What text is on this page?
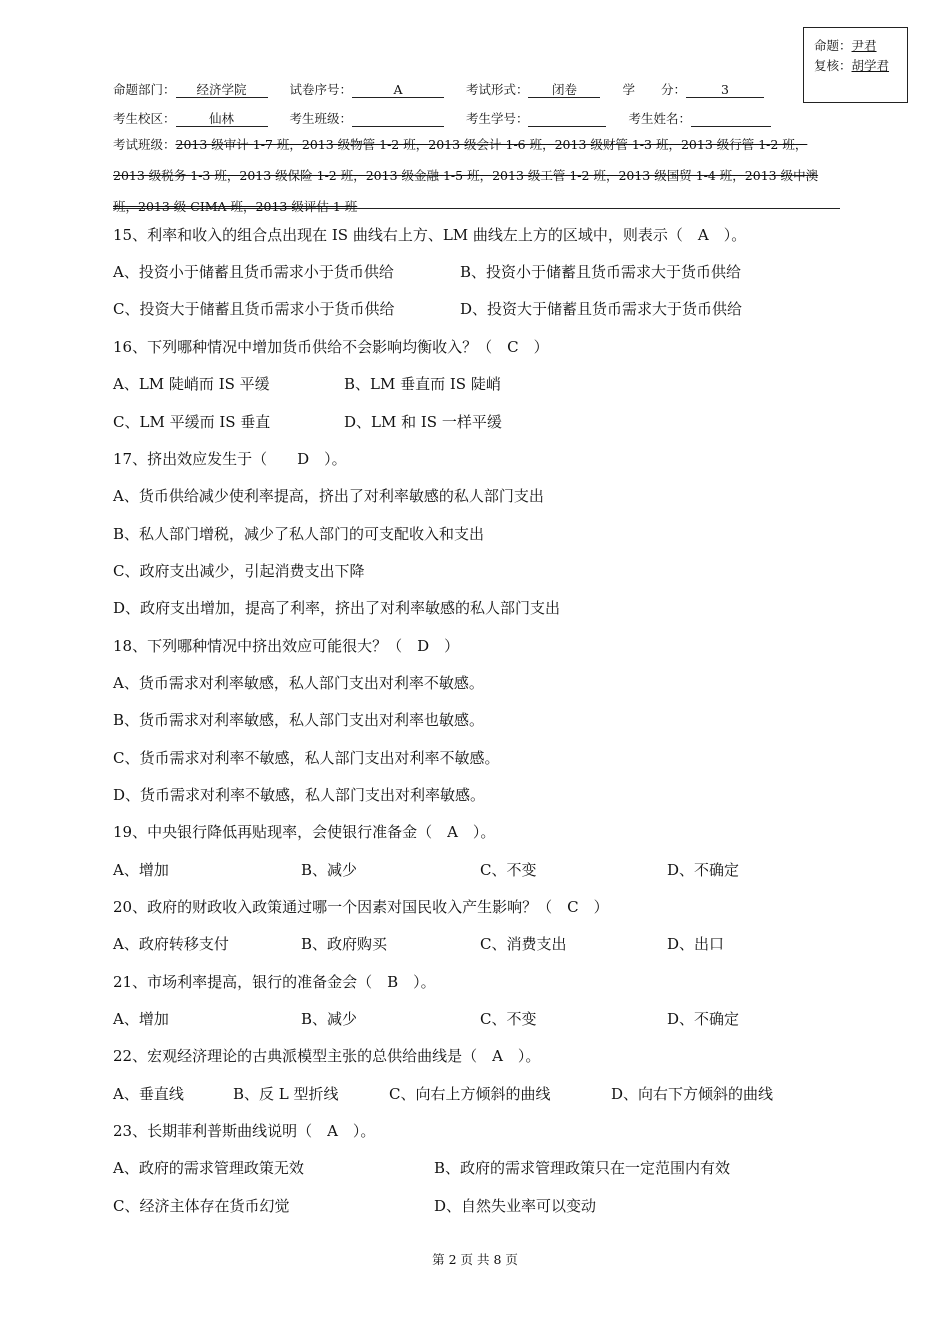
命题：尹君
复核：胡学君
命题部门： 经济学院	试卷序号：	A	考试形式： 闭卷	学 分：	3
考生校区：	仙林	考生班级：	考生学号：	考生姓名：
考试班级：2013 级审计 1-7 班，2013 级物管 1-2 班，2013 级会计 1-6 班，2013 级财管 1-3 班，2013 级行管 1-2 班，
2013 级税务 1-3 班，2013 级保险 1-2 班，2013 级金融 1-5 班，2013 级工管 1-2 班，2013 级国贸 1-4 班，2013 级中澳
班，2013 级 CIMA 班，2013 级评估 1 班
15、利率和收入的组合点出现在 IS 曲线右上方、LM 曲线左上方的区域中，则表示（　A　）。
A、投资小于储蓄且货币需求小于货币供给	B、投资小于储蓄且货币需求大于货币供给
C、投资大于储蓄且货币需求小于货币供给	D、投资大于储蓄且货币需求大于货币供给
16、下列哪种情况中增加货币供给不会影响均衡收入？（　C　）
A、LM 陡峭而 IS 平缓	B、LM 垂直而 IS 陡峭
C、LM 平缓而 IS 垂直	D、LM 和 IS 一样平缓
17、挤出效应发生于（　　D　）。
A、货币供给减少使利率提高，挤出了对利率敏感的私人部门支出
B、私人部门增税，减少了私人部门的可支配收入和支出
C、政府支出减少，引起消费支出下降
D、政府支出增加，提高了利率，挤出了对利率敏感的私人部门支出
18、下列哪种情况中挤出效应可能很大？（　D　）
A、货币需求对利率敏感，私人部门支出对利率不敏感。
B、货币需求对利率敏感，私人部门支出对利率也敏感。
C、货币需求对利率不敏感，私人部门支出对利率不敏感。
D、货币需求对利率不敏感，私人部门支出对利率敏感。
19、中央银行降低再贴现率，会使银行准备金（　A　）。
A、增加	B、减少	C、不变	D、不确定
20、政府的财政收入政策通过哪一个因素对国民收入产生影响？（　C　）
A、政府转移支付	B、政府购买	C、消费支出	D、出口
21、市场利率提高，银行的准备金会（　B　）。
A、增加	B、减少	C、不变	D、不确定
22、宏观经济理论的古典派模型主张的总供给曲线是（　A　）。
A、垂直线	B、反 L 型折线	C、向右上方倾斜的曲线	D、向右下方倾斜的曲线
23、长期菲利普斯曲线说明（　A　）。
A、政府的需求管理政策无效	B、政府的需求管理政策只在一定范围内有效
C、经济主体存在货币幻觉	D、自然失业率可以变动
第 2 页 共 8 页
